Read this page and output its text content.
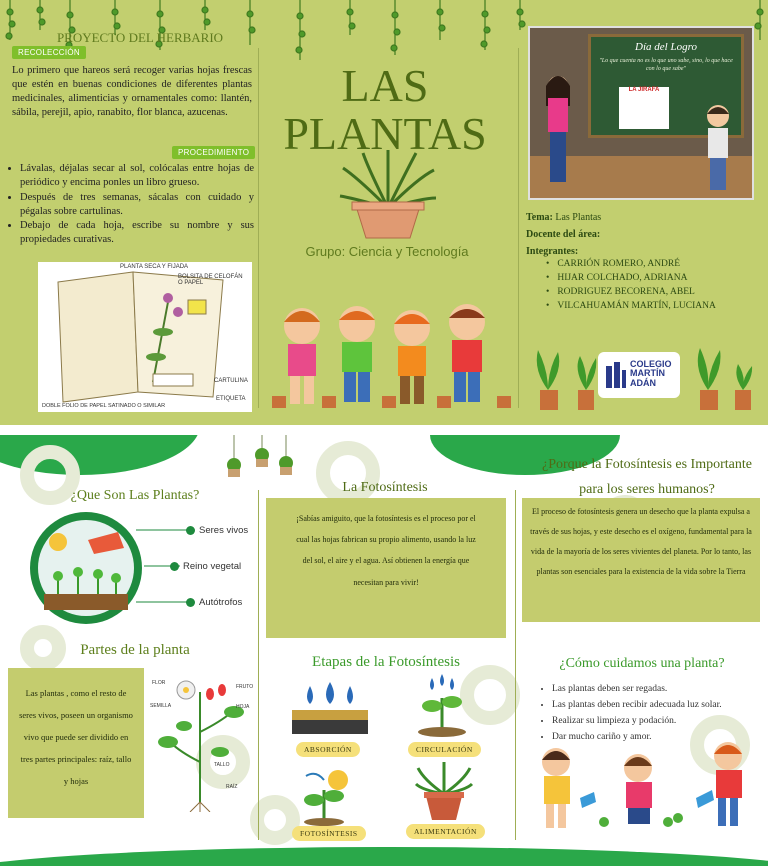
PROYECTO DEL HERBARIO
RECOLECCIÓN
Lo primero que hareos será recoger varias hojas frescas que estén en buenas condiciones de diferentes plantas medicinales, alimenticias y ornamentales como: llantén, sábila, perejil, apio, ranabito, flor blanca, azucenas.
PROCEDIMIENTO
• Lávalas, déjalas secar al sol, colócalas entre hojas de periódico y encima ponles un libro grueso.
• Después de tres semanas, sácalas con cuidado y pégalas sobre cartulinas.
• Debajo de cada hoja, escribe su nombre y sus propiedades curativas.
PLANTA SECA Y FIJADA
BOLSITA DE CELOFÁN O PAPEL
CARTULINA
ETIQUETA
DOBLE FOLIO DE PAPEL SATINADO O SIMILAR
LAS
PLANTAS
Grupo: Ciencia y Tecnología
Día del Logro
"Lo que cuenta no es lo que uno sabe, sino, lo que hace con lo que sabe"
LA JIRAFA
Tema: Las Plantas
Docente del área:
Integrantes:
• CARRIÓN ROMERO, ANDRÉ
• HIJAR COLCHADO, ADRIANA
• RODRIGUEZ BECORENA, ABEL
• VILCAHUAMÁN MARTÍN, LUCIANA
COLEGIO MARTÍN ADÁN
¿Que Son Las Plantas?
Seres vivos
Reino vegetal
Autótrofos
Partes de la planta
Las plantas , como el resto de seres vivos, poseen un organismo vivo que puede ser dividido en tres partes principales: raíz, tallo y hojas
FLOR
SEMILLA
FRUTO
HOJA
TALLO
RAÍZ
La Fotosíntesis
¡Sabías amiguito, que la fotosíntesis es el proceso por el cual las hojas fabrican su propio alimento, usando la luz del sol, el aire y el agua. Así obtienen la energía que necesitan para vivir!
Etapas de la Fotosíntesis
ABSORCIÓN	CIRCULACIÓN
FOTOSÍNTESIS	ALIMENTACIÓN
¿Porque la Fotosíntesis es Importante para los seres humanos?
El proceso de fotosíntesis genera un desecho que la planta expulsa a través de sus hojas, y este desecho es el oxígeno, fundamental para la vida de la mayoría de los seres vivientes del planeta. Por lo tanto, las plantas son esenciales para la existencia de la vida sobre la Tierra
¿Cómo cuidamos una planta?
• Las plantas deben ser regadas.
• Las plantas deben recibir adecuada luz solar.
• Realizar su limpieza y podación.
• Dar mucho cariño y amor.
